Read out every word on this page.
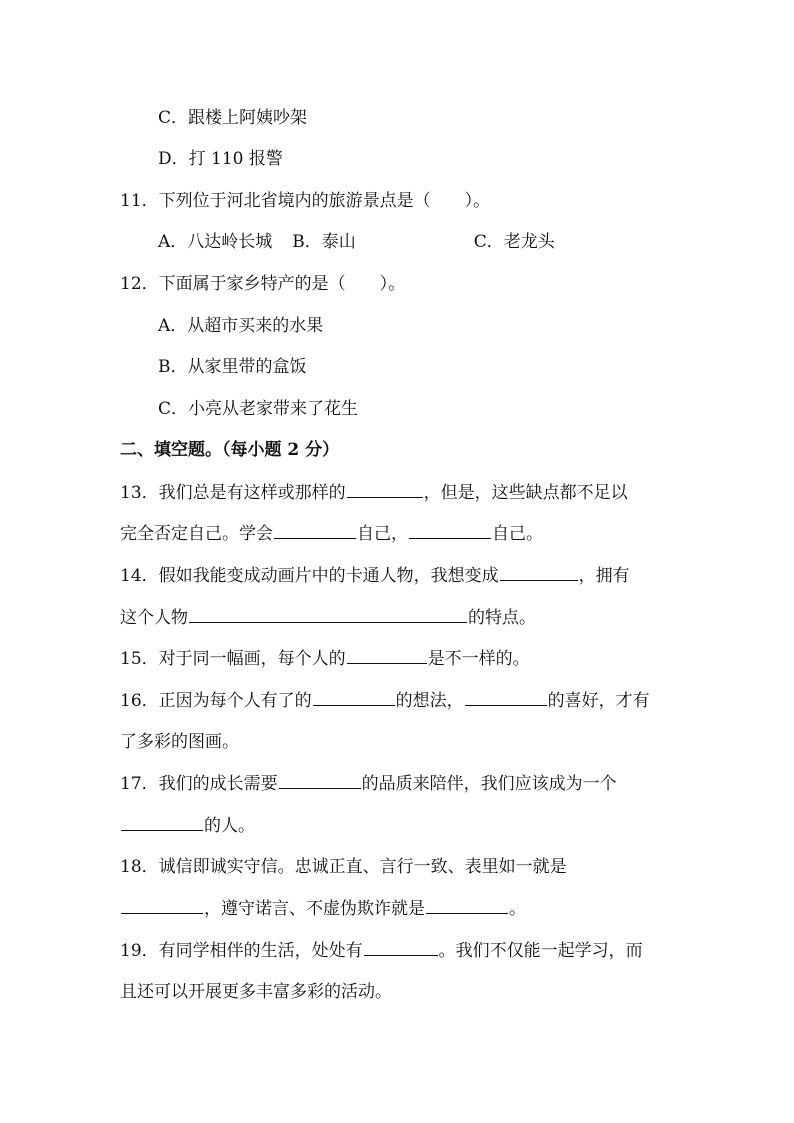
C．跟楼上阿姨吵架
D．打 110 报警
11．下列位于河北省境内的旅游景点是（　　）。
A．八达岭长城 B．泰山	C．老龙头
12．下面属于家乡特产的是（　　）。
A．从超市买来的水果
B．从家里带的盒饭
C．小亮从老家带来了花生
二、填空题。（每小题 2 分）
13．我们总是有这样或那样的	，但是，这些缺点都不足以
完全否定自己。学会	自己，	自己。
14．假如我能变成动画片中的卡通人物，我想变成	，拥有
这个人物	的特点。
15．对于同一幅画，每个人的	是不一样的。
16．正因为每个人有了的	的想法，	的喜好，才有
了多彩的图画。
17．我们的成长需要	的品质来陪伴，我们应该成为一个
的人。
18．诚信即诚实守信。忠诚正直、言行一致、表里如一就是
，遵守诺言、不虚伪欺诈就是	。
19．有同学相伴的生活，处处有	。我们不仅能一起学习，而
且还可以开展更多丰富多彩的活动。
